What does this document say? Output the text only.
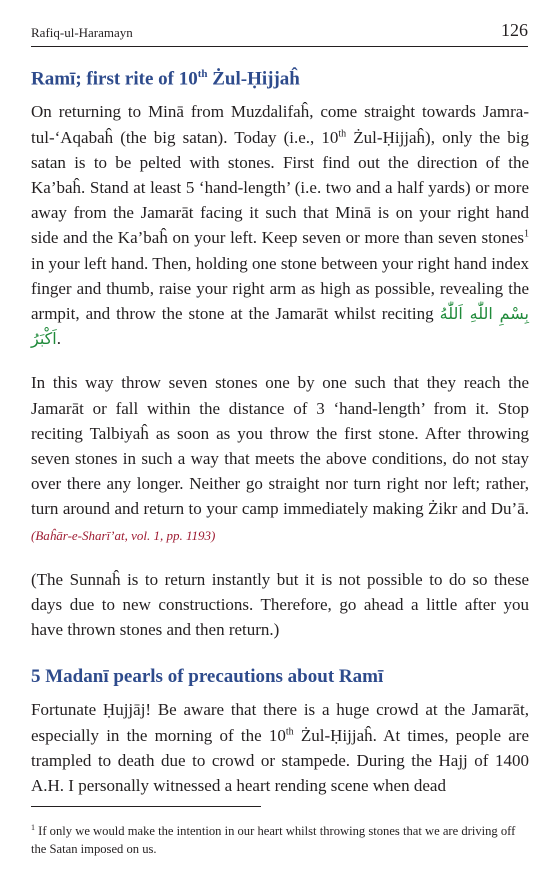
Rafiq-ul-Haramayn	126
Ramī; first rite of 10th Żul-Ḥijjaĥ

On returning to Minā from Muzdalifaĥ, come straight towards Jamra-tul-‘Aqabaĥ (the big satan). Today (i.e., 10th Żul-Ḥijjaĥ), only the big satan is to be pelted with stones. First find out the direction of the Ka’baĥ. Stand at least 5 ‘hand-length’ (i.e. two and a half yards) or more away from the Jamarāt facing it such that Minā is on your right hand side and the Ka’baĥ on your left. Keep seven or more than seven stones$^1$ in your left hand. Then, holding one stone between your right hand index finger and thumb, raise your right arm as high as possible, revealing the armpit, and throw the stone at the Jamarāt whilst reciting بِسْمِ اللّٰهِ اَللّٰهُ اَكْبَرُ.

In this way throw seven stones one by one such that they reach the Jamarāt or fall within the distance of 3 ‘hand-length’ from it. Stop reciting Talbiyaĥ as soon as you throw the first stone. After throwing seven stones in such a way that meets the above conditions, do not stay over there any longer. Neither go straight nor turn right nor left; rather, turn around and return to your camp immediately making Żikr and Du’ā. (Baĥār-e-Sharī’at, vol. 1, pp. 1193)

(The Sunnaĥ is to return instantly but it is not possible to do so these days due to new constructions. Therefore, go ahead a little after you have thrown stones and then return.)

5 Madanī pearls of precautions about Ramī

Fortunate Ḥujjāj! Be aware that there is a huge crowd at the Jamarāt, especially in the morning of the 10th Żul-Ḥijjaĥ. At times, people are trampled to death due to crowd or stampede. During the Hajj of 1400 A.H. I personally witnessed a heart rending scene when dead

$^1$ If only we would make the intention in our heart whilst throwing stones that we are driving off the Satan imposed on us.
